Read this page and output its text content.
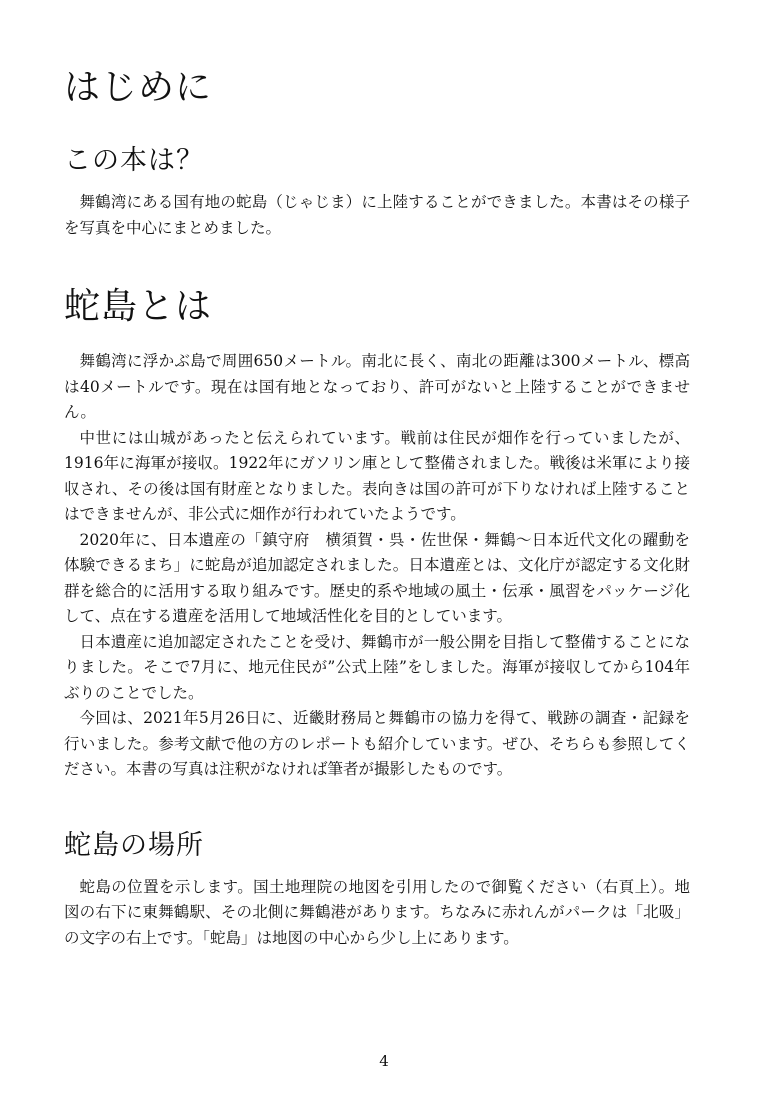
はじめに
この本は？

舞鶴湾にある国有地の蛇島（じゃじま）に上陸することができました。本書はその様子を写真を中心にまとめました。

蛇島とは

舞鶴湾に浮かぶ島で周囲650メートル。南北に長く、南北の距離は300メートル、標高は40メートルです。現在は国有地となっており、許可がないと上陸することができません。

中世には山城があったと伝えられています。戦前は住民が畑作を行っていましたが、1916年に海軍が接収。1922年にガソリン庫として整備されました。戦後は米軍により接収され、その後は国有財産となりました。表向きは国の許可が下りなければ上陸することはできませんが、非公式に畑作が行われていたようです。

2020年に、日本遺産の「鎮守府　横須賀・呉・佐世保・舞鶴～日本近代文化の躍動を体験できるまち」に蛇島が追加認定されました。日本遺産とは、文化庁が認定する文化財群を総合的に活用する取り組みです。歴史的系や地域の風土・伝承・風習をパッケージ化して、点在する遺産を活用して地域活性化を目的としています。

日本遺産に追加認定されたことを受け、舞鶴市が一般公開を目指して整備することになりました。そこで7月に、地元住民が”公式上陸”をしました。海軍が接収してから104年ぶりのことでした。

今回は、2021年5月26日に、近畿財務局と舞鶴市の協力を得て、戦跡の調査・記録を行いました。参考文献で他の方のレポートも紹介しています。ぜひ、そちらも参照してください。本書の写真は注釈がなければ筆者が撮影したものです。

蛇島の場所

蛇島の位置を示します。国土地理院の地図を引用したので御覧ください（右頁上）。地図の右下に東舞鶴駅、その北側に舞鶴港があります。ちなみに赤れんがパークは「北吸」の文字の右上です。「蛇島」は地図の中心から少し上にあります。

4
